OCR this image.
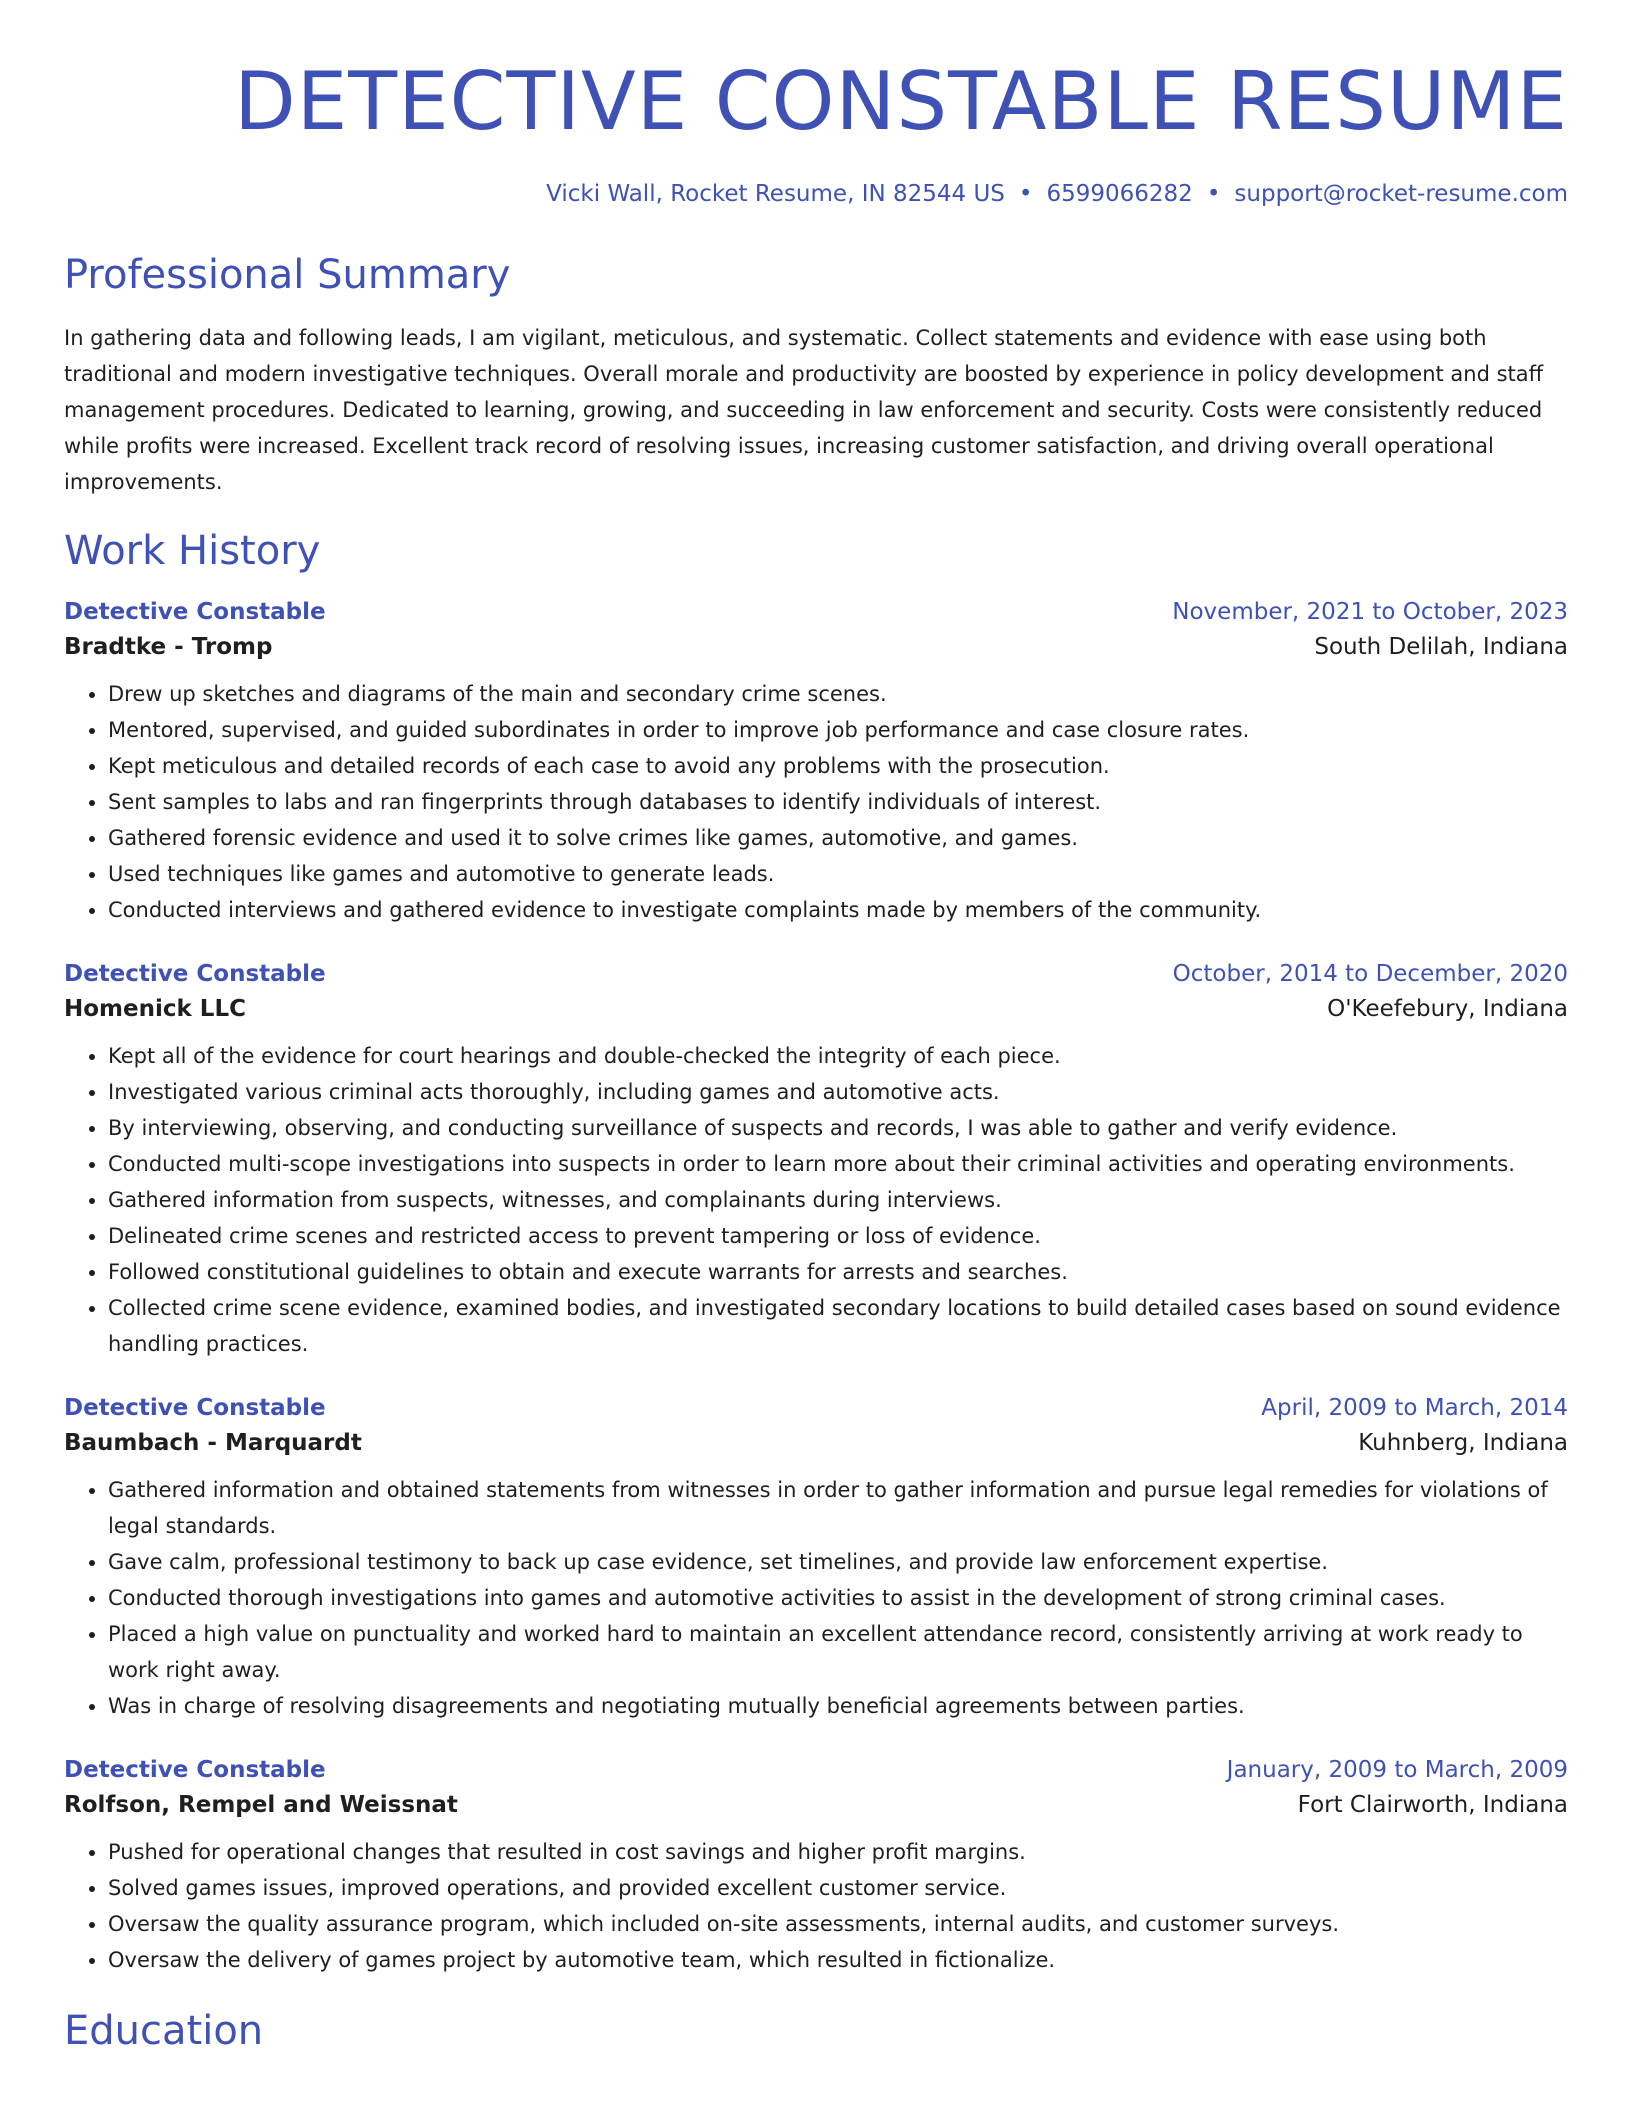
DETECTIVE CONSTABLE RESUME
Vicki Wall, Rocket Resume, IN 82544 US • 6599066282 • support@rocket-resume.com
Professional Summary
In gathering data and following leads, I am vigilant, meticulous, and systematic. Collect statements and evidence with ease using both traditional and modern investigative techniques. Overall morale and productivity are boosted by experience in policy development and staff management procedures. Dedicated to learning, growing, and succeeding in law enforcement and security. Costs were consistently reduced while profits were increased. Excellent track record of resolving issues, increasing customer satisfaction, and driving overall operational improvements.
Work History
Detective Constable	November, 2021 to October, 2023
Bradtke - Tromp	South Delilah, Indiana
• Drew up sketches and diagrams of the main and secondary crime scenes.
• Mentored, supervised, and guided subordinates in order to improve job performance and case closure rates.
• Kept meticulous and detailed records of each case to avoid any problems with the prosecution.
• Sent samples to labs and ran fingerprints through databases to identify individuals of interest.
• Gathered forensic evidence and used it to solve crimes like games, automotive, and games.
• Used techniques like games and automotive to generate leads.
• Conducted interviews and gathered evidence to investigate complaints made by members of the community.
Detective Constable	October, 2014 to December, 2020
Homenick LLC	O'Keefebury, Indiana
• Kept all of the evidence for court hearings and double-checked the integrity of each piece.
• Investigated various criminal acts thoroughly, including games and automotive acts.
• By interviewing, observing, and conducting surveillance of suspects and records, I was able to gather and verify evidence.
• Conducted multi-scope investigations into suspects in order to learn more about their criminal activities and operating environments.
• Gathered information from suspects, witnesses, and complainants during interviews.
• Delineated crime scenes and restricted access to prevent tampering or loss of evidence.
• Followed constitutional guidelines to obtain and execute warrants for arrests and searches.
• Collected crime scene evidence, examined bodies, and investigated secondary locations to build detailed cases based on sound evidence handling practices.
Detective Constable	April, 2009 to March, 2014
Baumbach - Marquardt	Kuhnberg, Indiana
• Gathered information and obtained statements from witnesses in order to gather information and pursue legal remedies for violations of legal standards.
• Gave calm, professional testimony to back up case evidence, set timelines, and provide law enforcement expertise.
• Conducted thorough investigations into games and automotive activities to assist in the development of strong criminal cases.
• Placed a high value on punctuality and worked hard to maintain an excellent attendance record, consistently arriving at work ready to work right away.
• Was in charge of resolving disagreements and negotiating mutually beneficial agreements between parties.
Detective Constable	January, 2009 to March, 2009
Rolfson, Rempel and Weissnat	Fort Clairworth, Indiana
• Pushed for operational changes that resulted in cost savings and higher profit margins.
• Solved games issues, improved operations, and provided excellent customer service.
• Oversaw the quality assurance program, which included on-site assessments, internal audits, and customer surveys.
• Oversaw the delivery of games project by automotive team, which resulted in fictionalize.
Education
